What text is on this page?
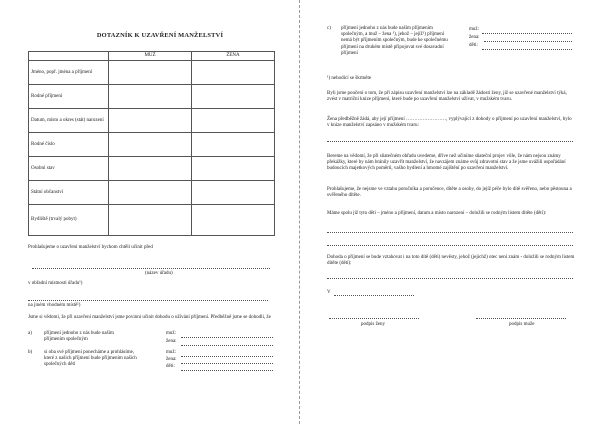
DOTAZNÍK K UZAVŘENÍ MANŽELSTVÍ
	MUŽ	ŽENA
Jméno, popř. jména a příjmení		
Rodné příjmení		
Datum, místo a okres (stát) narození		
Rodné číslo		
Osobní stav		
Státní občanství		
Bydliště (trvalý pobyt)		
Prohlašujeme o uzavření manželství bychom chtěli učinit před
(název úřadu)
v obřadní místnosti úřadu¹)
na jiném vhodném místě¹)
Jsme si vědomi, že při uzavření manželství jsme povinni učinit dohodu o užívání příjmení. Předběžně jsme se dohodli, že
a) příjmení jednoho z nás bude naším příjmením společným
muž:
žena:
b) si oba své příjmení ponecháme a prohlásíme, které z našich příjmení bude příjmením našich společných dětí
muž:
žena:
děti:
c) příjmení jednoho z nás bude naším příjmením společným, a muž – žena ¹), jehož – jejíž¹) příjmení nemá být příjmením společným, bude ke společnému příjmení na druhém místě připojovat své dosavadní příjmení
muž:
žena:
děti:
¹) nehodící se škrtněte
Byli jsme poučení o tom, že při zápisu uzavření manželství lze na základě žádosti ženy, již se uzavřené manželství týká, zvést v matriční knize příjmení, které bude po uzavření manželství užívat, v mužském tvaru.
Žena předběžně žádá, aby její příjmení ……………………, vyplývající z dohody o příjmení po uzavření manželství, bylo v knize manželství zapsáno v mužském tvaru:
Bereme na vědomí, že při sňatečném obřadu uvedeme, dříve než učiníme sňateční projev vůle, že nám nejsou známy překážky, které by nám bránily uzavřít manželství, že navzájem známe svůj zdravotní stav a že jsme uvážili uspořádání budoucích majetkových poměrů, vašho bydlení a hmotné zajištění po uzavření manželství.
Prohlašujeme, že nejsme ve vztahu poručníka a poručence, dítěte a osoby, do jejíž péče bylo dítě svěřeno, nebo pěstouna a svěřeného dítěte.
Máme spolu již tyto děti – jméno a příjmení, datum a místo narození – doložili se rodným listem dítěte (dětí):
Dohoda o příjmení se bude vztahovat i na toto dítě (děti) nevěsty, jehož (jejichž) otec není znám - doložili se rodným listem dítěte (dětí):
V
podpis ženy	podpis muže
